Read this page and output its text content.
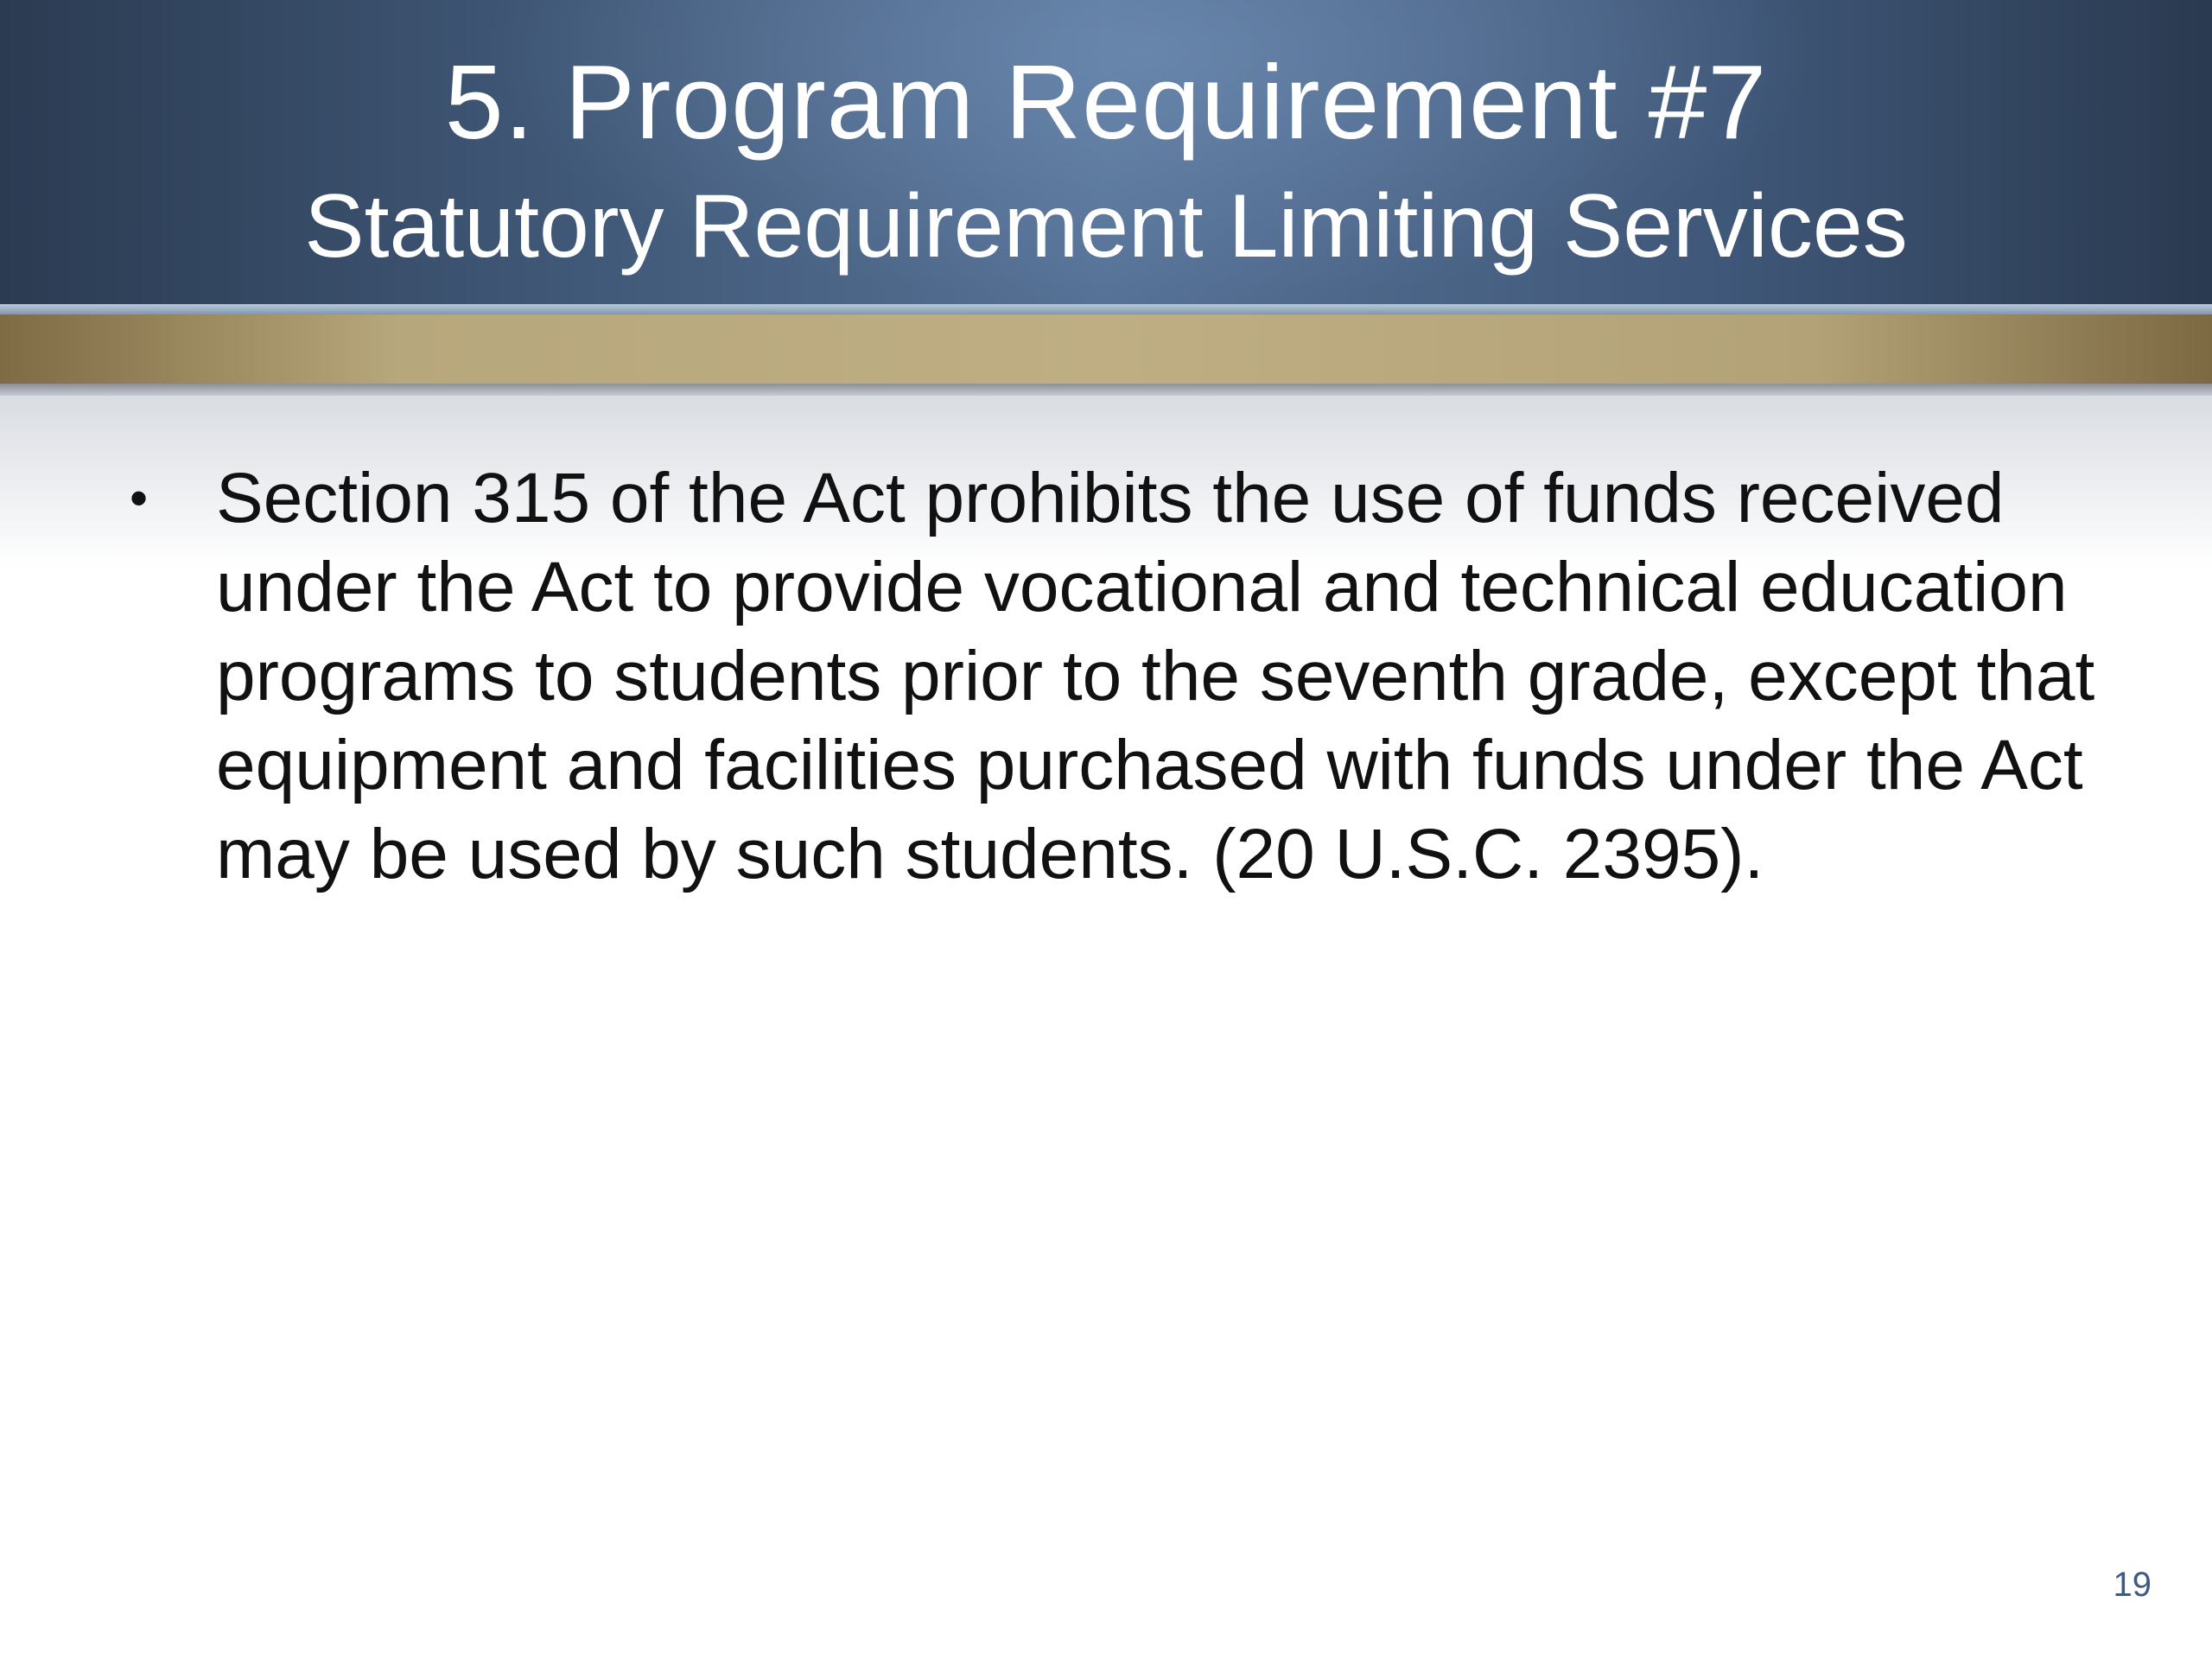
5. Program Requirement #7
Statutory Requirement Limiting Services
• Section 315 of the Act prohibits the use of funds received under the Act to provide vocational and technical education programs to students prior to the seventh grade, except that equipment and facilities purchased with funds under the Act may be used by such students. (20 U.S.C. 2395).
19
